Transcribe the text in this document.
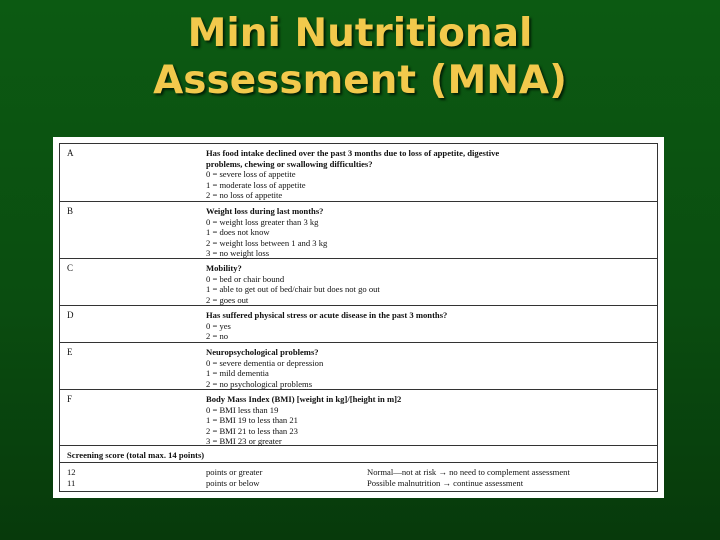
Mini Nutritional
Assessment (MNA)
A	Has food intake declined over the past 3 months due to loss of appetite, digestive
problems, chewing or swallowing difficulties?
0 = severe loss of appetite
1 = moderate loss of appetite
2 = no loss of appetite
B	Weight loss during last months?
0 = weight loss greater than 3 kg
1 = does not know
2 = weight loss between 1 and 3 kg
3 = no weight loss
C	Mobility?
0 = bed or chair bound
1 = able to get out of bed/chair but does not go out
2 = goes out
D	Has suffered physical stress or acute disease in the past 3 months?
0 = yes
2 = no
E	Neuropsychological problems?
0 = severe dementia or depression
1 = mild dementia
2 = no psychological problems
F	Body Mass Index (BMI) [weight in kg]/[height in m]2
0 = BMI less than 19
1 = BMI 19 to less than 21
2 = BMI 21 to less than 23
3 = BMI 23 or greater
Screening score (total max. 14 points)
12	points or greater	Normal—not at risk → no need to complement assessment
11	points or below	Possible malnutrition → continue assessment
